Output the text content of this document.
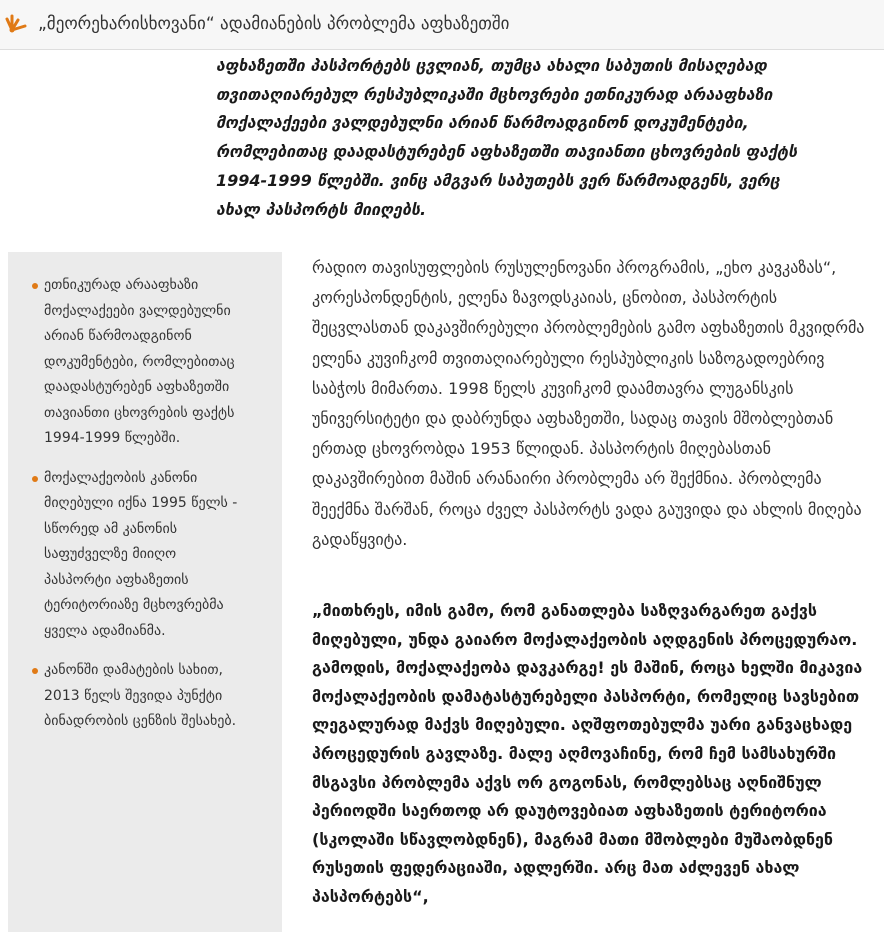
„მეორეხარისხოვანი“ ადამიანების პრობლემა აფხაზეთში
აფხაზეთში პასპორტებს ცვლიან, თუმცა ახალი საბუთის მისაღებად თვითაღიარებულ რესპუბლიკაში მცხოვრები ეთნიკურად არააფხაზი მოქალაქეები ვალდებულნი არიან წარმოადგინონ დოკუმენტები, რომლებითაც დაადასტურებენ აფხაზეთში თავიანთი ცხოვრების ფაქტს 1994-1999 წლებში. ვინც ამგვარ საბუთებს ვერ წარმოადგენს, ვერც ახალ პასპორტს მიიღებს.
ეთნიკურად არააფხაზი მოქალაქეები ვალდებულნი არიან წარმოადგინონ დოკუმენტები, რომლებითაც დაადასტურებენ აფხაზეთში თავიანთი ცხოვრების ფაქტს 1994-1999 წლებში.
მოქალაქეობის კანონი მიღებული იქნა 1995 წელს - სწორედ ამ კანონის საფუძველზე მიიღო პასპორტი აფხაზეთის ტერიტორიაზე მცხოვრებმა ყველა ადამიანმა.
კანონში დამატების სახით, 2013 წელს შევიდა პუნქტი ბინადრობის ცენზის შესახებ.
რადიო თავისუფლების რუსულენოვანი პროგრამის, „ეხო კავკაზას“, კორესპონდენტის, ელენა ზავოდსკაიას, ცნობით, პასპორტის შეცვლასთან დაკავშირებული პრობლემების გამო აფხაზეთის მკვიდრმა ელენა კუვიჩკომ თვითაღიარებული რესპუბლიკის საზოგადოებრივ საბჭოს მიმართა. 1998 წელს კუვიჩკომ დაამთავრა ლუგანსკის უნივერსიტეტი და დაბრუნდა აფხაზეთში, სადაც თავის მშობლებთან ერთად ცხოვრობდა 1953 წლიდან. პასპორტის მიღებასთან დაკავშირებით მაშინ არანაირი პრობლემა არ შექმნია. პრობლემა შეექმნა შარშან, როცა ძველ პასპორტს ვადა გაუვიდა და ახლის მიღება გადაწყვიტა.
„მითხრეს, იმის გამო, რომ განათლება საზღვარგარეთ გაქვს მიღებული, უნდა გაიარო მოქალაქეობის აღდგენის პროცედურაო. გამოდის, მოქალაქეობა დავკარგე! ეს მაშინ, როცა ხელში მიკავია მოქალაქეობის დამატასტურებელი პასპორტი, რომელიც სავსებით ლეგალურად მაქვს მიღებული. აღშფოთებულმა უარი განვაცხადე პროცედურის გავლაზე. მალე აღმოვაჩინე, რომ ჩემ სამსახურში მსგავსი პრობლემა აქვს ორ გოგონას, რომლებსაც აღნიშნულ პერიოდში საერთოდ არ დაუტოვებიათ აფხაზეთის ტერიტორია (სკოლაში სწავლობდნენ), მაგრამ მათი მშობლები მუშაობდნენ რუსეთის ფედერაციაში, ადლერში. არც მათ აძლევენ ახალ პასპორტებს“,
